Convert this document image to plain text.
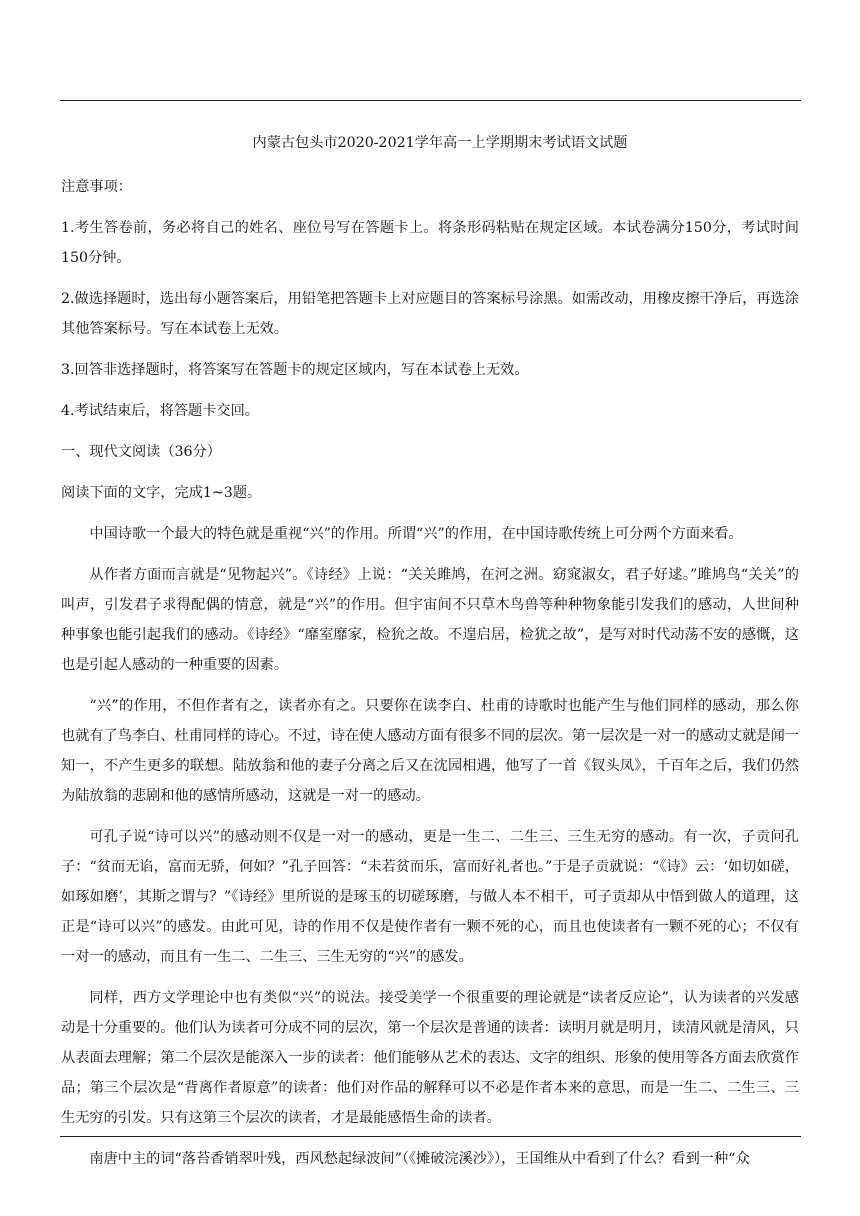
内蒙古包头市2020-2021学年高一上学期期末考试语文试题

注意事项：

1.考生答卷前，务必将自己的姓名、座位号写在答题卡上。将条形码粘贴在规定区域。本试卷满分150分，考试时间150分钟。

2.做选择题时，选出每小题答案后，用铅笔把答题卡上对应题目的答案标号涂黑。如需改动，用橡皮擦干净后，再选涂其他答案标号。写在本试卷上无效。

3.回答非选择题时，将答案写在答题卡的规定区域内，写在本试卷上无效。

4.考试结束后，将答题卡交回。

一、现代文阅读（36分）

阅读下面的文字，完成1~3题。

中国诗歌一个最大的特色就是重视“兴”的作用。所谓“兴”的作用，在中国诗歌传统上可分两个方面来看。

从作者方面而言就是“见物起兴”。《诗经》上说：“关关雎鸠，在河之洲。窈窕淑女，君子好逑。”雎鸠鸟“关关”的叫声，引发君子求得配偶的情意，就是“兴”的作用。但宇宙间不只草木鸟兽等种种物象能引发我们的感动，人世间种种事象也能引起我们的感动。《诗经》“靡室靡家，检狁之故。不遑启居，检犹之故”，是写对时代动荡不安的感慨，这也是引起人感动的一种重要的因素。

“兴”的作用，不但作者有之，读者亦有之。只要你在读李白、杜甫的诗歌时也能产生与他们同样的感动，那么你也就有了鸟李白、杜甫同样的诗心。不过，诗在使人感动方面有很多不同的层次。第一层次是一对一的感动丈就是闻一知一，不产生更多的联想。陆放翁和他的妻子分离之后又在沈园相遇，他写了一首《钗头凤》，千百年之后，我们仍然为陆放翁的悲剧和他的感情所感动，这就是一对一的感动。

可孔子说“诗可以兴”的感动则不仅是一对一的感动，更是一生二、二生三、三生无穷的感动。有一次，子贡问孔子：“贫而无谄，富而无骄，何如？”孔子回答：“未若贫而乐，富而好礼者也。”于是子贡就说：“《诗》云：‘如切如磋，如琢如磨’，其斯之谓与？”《诗经》里所说的是琢玉的切磋琢磨，与做人本不相干，可子贡却从中悟到做人的道理，这正是“诗可以兴”的感发。由此可见，诗的作用不仅是使作者有一颗不死的心，而且也使读者有一颗不死的心；不仅有一对一的感动，而且有一生二、二生三、三生无穷的“兴”的感发。

同样，西方文学理论中也有类似“兴”的说法。接受美学一个很重要的理论就是“读者反应论”，认为读者的兴发感动是十分重要的。他们认为读者可分成不同的层次，第一个层次是普通的读者：读明月就是明月，读清风就是清风，只从表面去理解；第二个层次是能深入一步的读者：他们能够从艺术的表达、文字的组织、形象的使用等各方面去欣赏作品；第三个层次是“背离作者原意”的读者：他们对作品的解释可以不必是作者本来的意思，而是一生二、二生三、三生无穷的引发。只有这第三个层次的读者，才是最能感悟生命的读者。

南唐中主的词“落苔香销翠叶残，西风愁起绿波间”（《摊破浣溪沙》），王国维从中看到了什么？看到一种“众
